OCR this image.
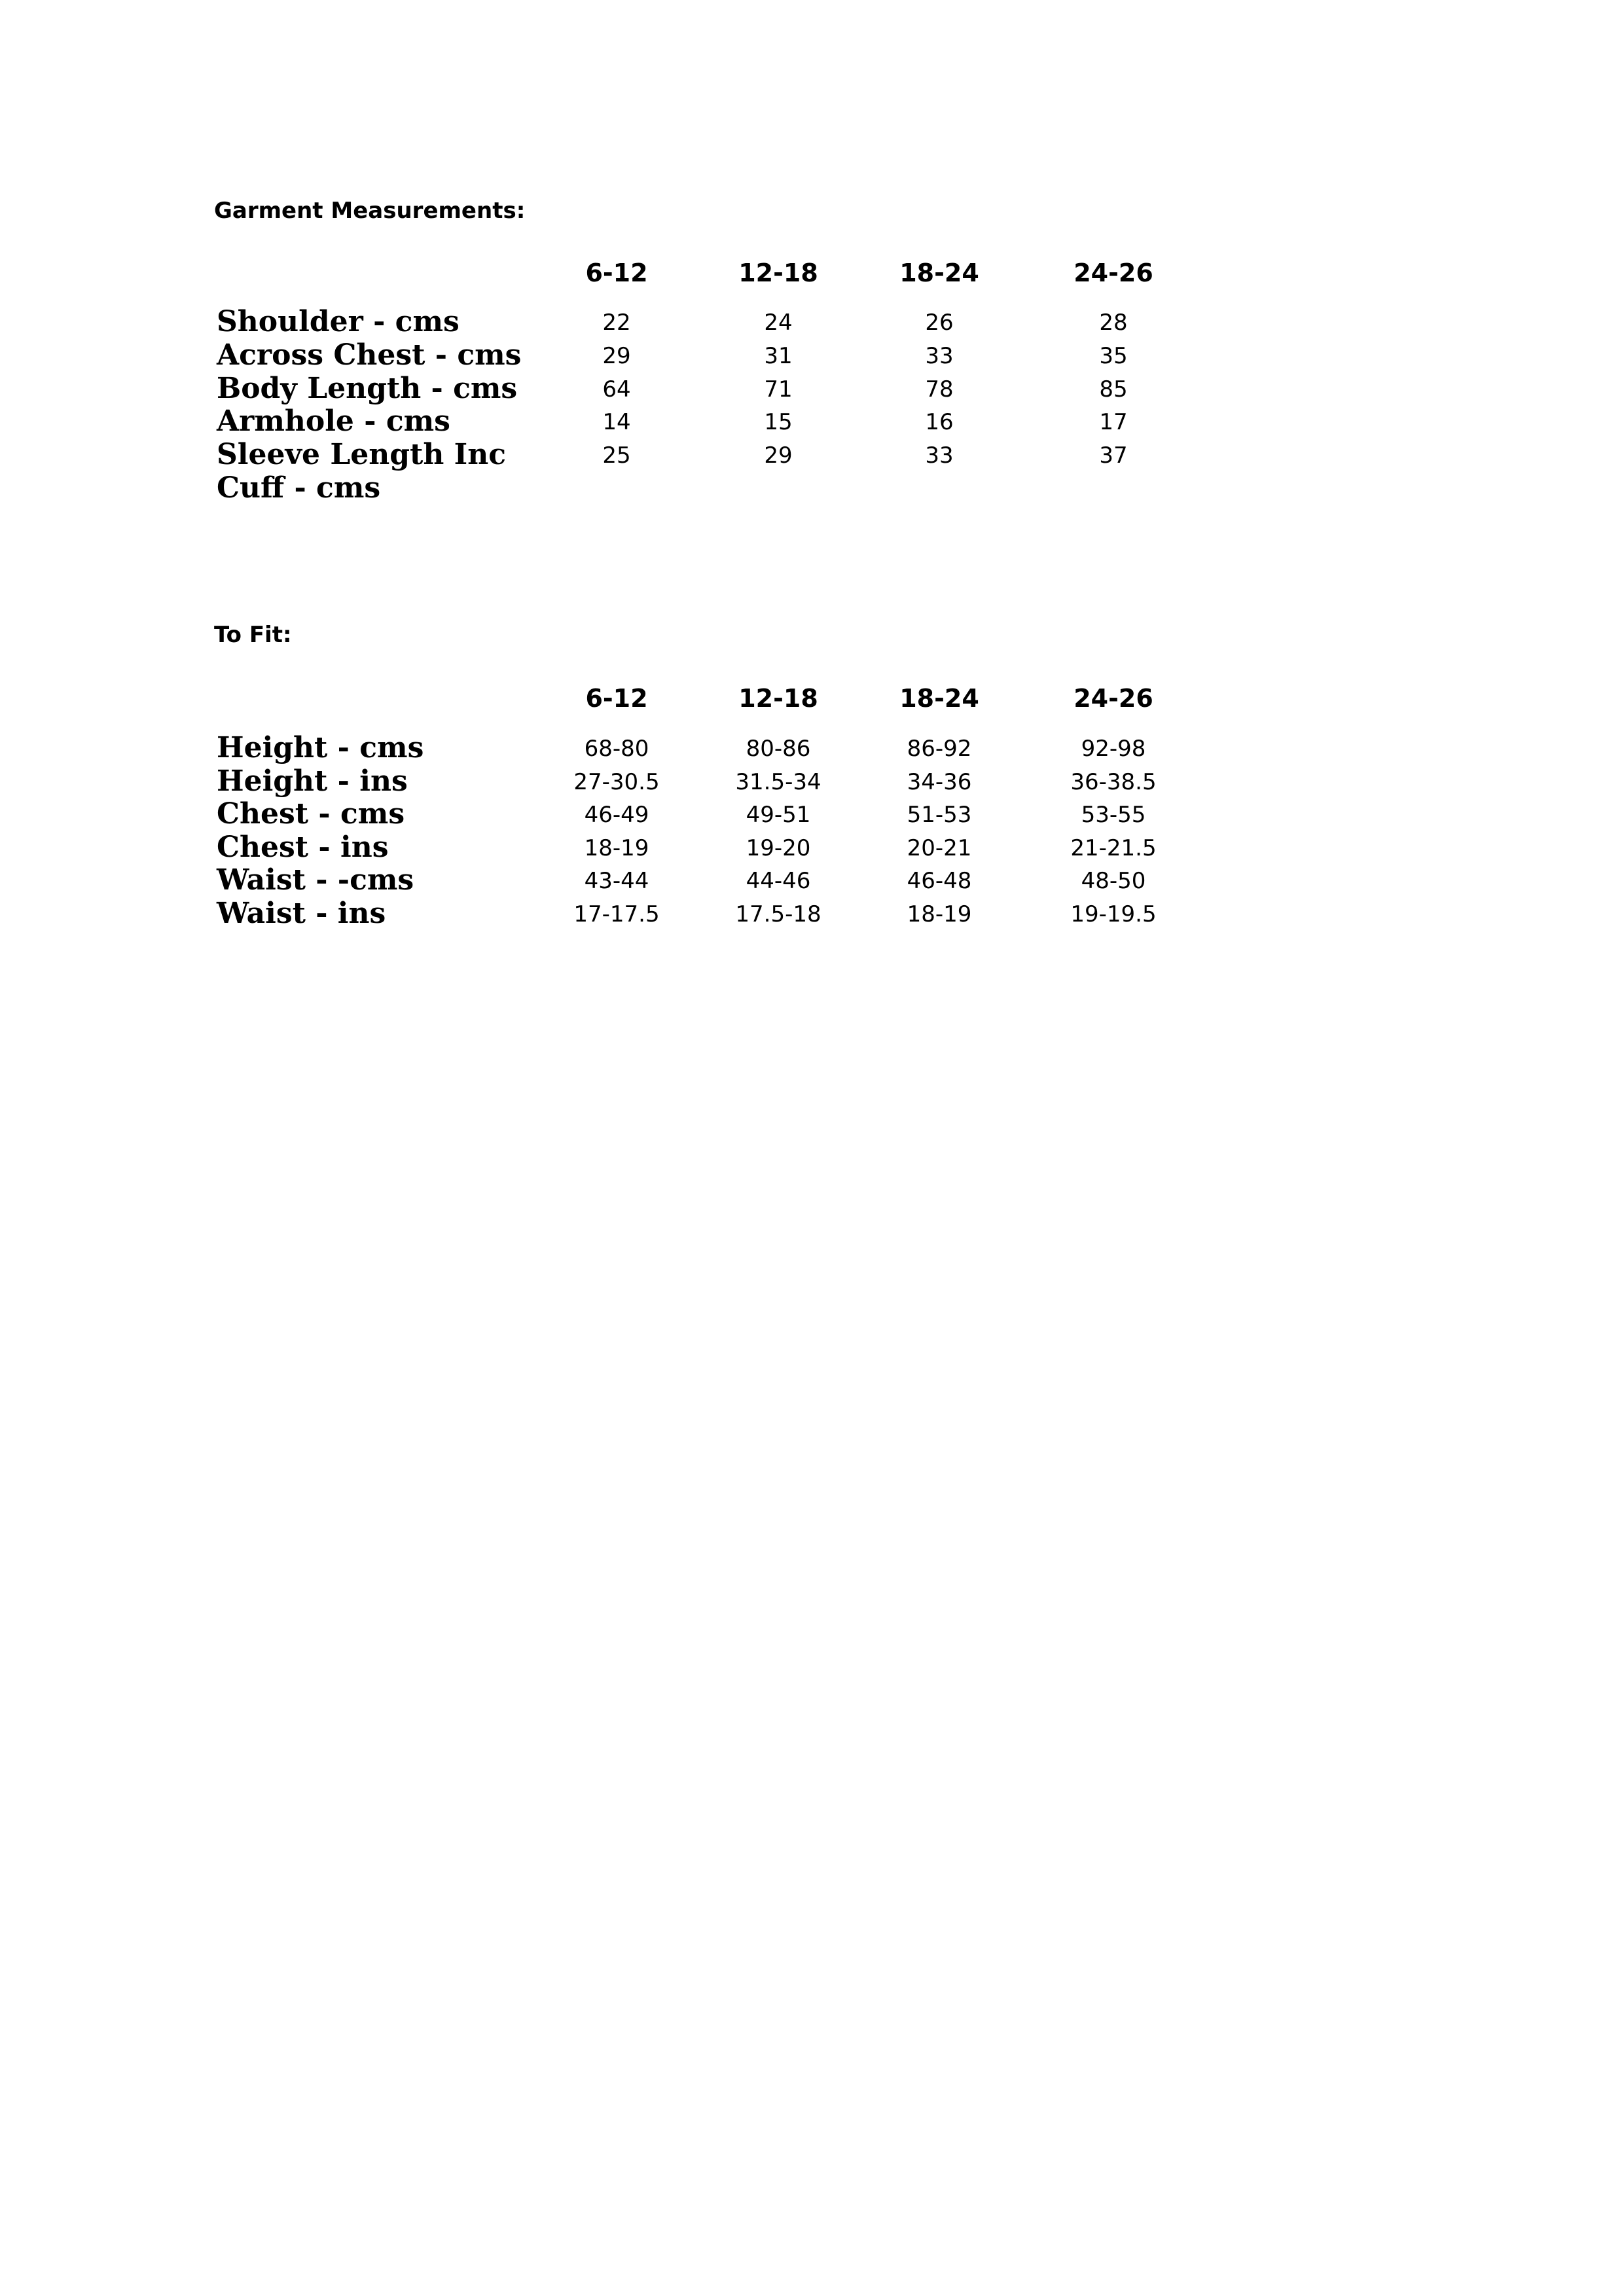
Garment Measurements:
6-12	12-18	18-24	24-26
Shoulder - cms	22	24	26	28
Across Chest - cms	29	31	33	35
Body Length - cms	64	71	78	85
Armhole - cms	14	15	16	17
Sleeve Length Inc	25	29	33	37
Cuff - cms
To Fit:
6-12	12-18	18-24	24-26
Height - cms	68-80	80-86	86-92	92-98
Height - ins	27-30.5	31.5-34	34-36	36-38.5
Chest - cms	46-49	49-51	51-53	53-55
Chest - ins	18-19	19-20	20-21	21-21.5
Waist - -cms	43-44	44-46	46-48	48-50
Waist - ins	17-17.5	17.5-18	18-19	19-19.5
